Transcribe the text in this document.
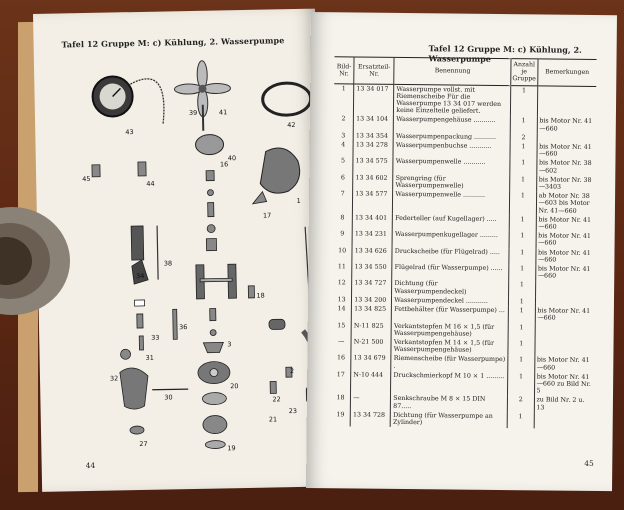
Tafel 12 Gruppe M: c) Kühlung, 2. Wasserpumpe
43
39	41
42
40
16
1
45
44
17
38
34
18
36
33
3
31
32
2
22
20
30
23
21
27
19
44
Tafel 12 Gruppe M: c) Kühlung, 2. Wasserpumpe
Bild-Nr.	Ersatzteil-Nr.	Benennung	Anzahl je Gruppe	Bemerkungen
1	13 34 017	Wasserpumpe vollst. mit Riemenscheibe Für die Wasserpumpe 13 34 017 werden keine Einzelteile geliefert.	1	
2	13 34 104	Wasserpumpengehäuse ...........	1	bis Motor Nr. 41—660
3	13 34 354	Wasserpumpenpackung ...........	2	
4	13 34 278	Wasserpumpenbuchse ...........	1	bis Motor Nr. 41—660
5	13 34 575	Wasserpumpenwelle ...........	1	bis Motor Nr. 38—602
6	13 34 602	Sprengring (für Wasserpumpenwelle)	1	bis Motor Nr. 38—3403
7	13 34 577	Wasserpumpenwelle ...........	1	ab Motor Nr. 38—603 bis Motor Nr. 41—660
8	13 34 401	Federteller (auf Kugellager) .....	1	bis Motor Nr. 41—660
9	13 34 231	Wasserpumpenkugellager .........	1	bis Motor Nr. 41—660
10	13 34 626	Druckscheibe (für Flügelrad) .....	1	bis Motor Nr. 41—660
11	13 34 550	Flügelrad (für Wasserpumpe) ......	1	bis Motor Nr. 41—660
12	13 34 727	Dichtung (für Wasserpumpendeckel)	1	
13	13 34 200	Wasserpumpendeckel ...........	1	
14	13 34 825	Fettbehälter (für Wasserpumpe) ...	1	bis Motor Nr. 41—660
15	N-11 825	Verkantstopfen M 16 × 1,5 (für Wasserpumpengehäuse)	1	
—	N-21 500	Verkantstopfen M 14 × 1,5 (für Wasserpumpengehäuse)	1	
16	13 34 679	Riemenscheibe (für Wasserpumpe) .	1	bis Motor Nr. 41—660
17	N-10 444	Druckschmierkopf M 10 × 1 .........	1	bis Motor Nr. 41—660 zu Bild Nr. 5
18	—	Senkschraube M 8 × 15 DIN 87.....	2	zu Bild Nr. 2 u. 13
19	13 34 728	Dichtung (für Wasserpumpe an Zylinder)	1	
45
